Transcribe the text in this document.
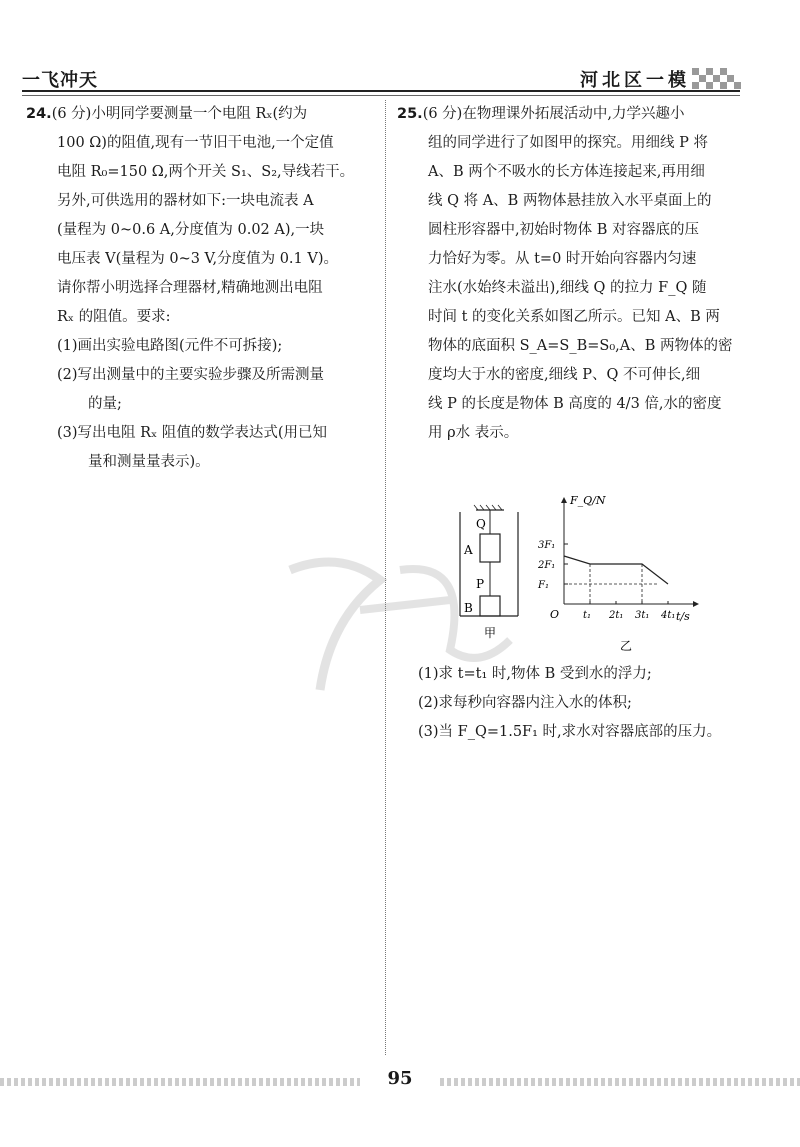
一飞冲天	河北区一模

24.(6 分)小明同学要测量一个电阻 Rₓ(约为

100 Ω)的阻值,现有一节旧干电池,一个定值

电阻 R₀=150 Ω,两个开关 S₁、S₂,导线若干。

另外,可供选用的器材如下:一块电流表 A

(量程为 0~0.6 A,分度值为 0.02 A),一块

电压表 V(量程为 0~3 V,分度值为 0.1 V)。

请你帮小明选择合理器材,精确地测出电阻

Rₓ 的阻值。要求:

(1)画出实验电路图(元件不可拆接);

(2)写出测量中的主要实验步骤及所需测量

的量;

(3)写出电阻 Rₓ 阻值的数学表达式(用已知

量和测量量表示)。

25.(6 分)在物理课外拓展活动中,力学兴趣小

组的同学进行了如图甲的探究。用细线 P 将

A、B 两个不吸水的长方体连接起来,再用细

线 Q 将 A、B 两物体悬挂放入水平桌面上的

圆柱形容器中,初始时物体 B 对容器底的压

力恰好为零。从 t=0 时开始向容器内匀速

注水(水始终未溢出),细线 Q 的拉力 F_Q 随

时间 t 的变化关系如图乙所示。已知 A、B 两

物体的底面积 S_A=S_B=S₀,A、B 两物体的密

度均大于水的密度,细线 P、Q 不可伸长,细

线 P 的长度是物体 B 高度的 4/3 倍,水的密度

用 ρ水 表示。

Q
A
P
B
甲
F_Q/N
t/s
O
3F₁
2F₁
F₁
t₁ 2t₁ 3t₁ 4t₁
乙

(1)求 t=t₁ 时,物体 B 受到水的浮力;

(2)求每秒向容器内注入水的体积;

(3)当 F_Q=1.5F₁ 时,求水对容器底部的压力。

95
